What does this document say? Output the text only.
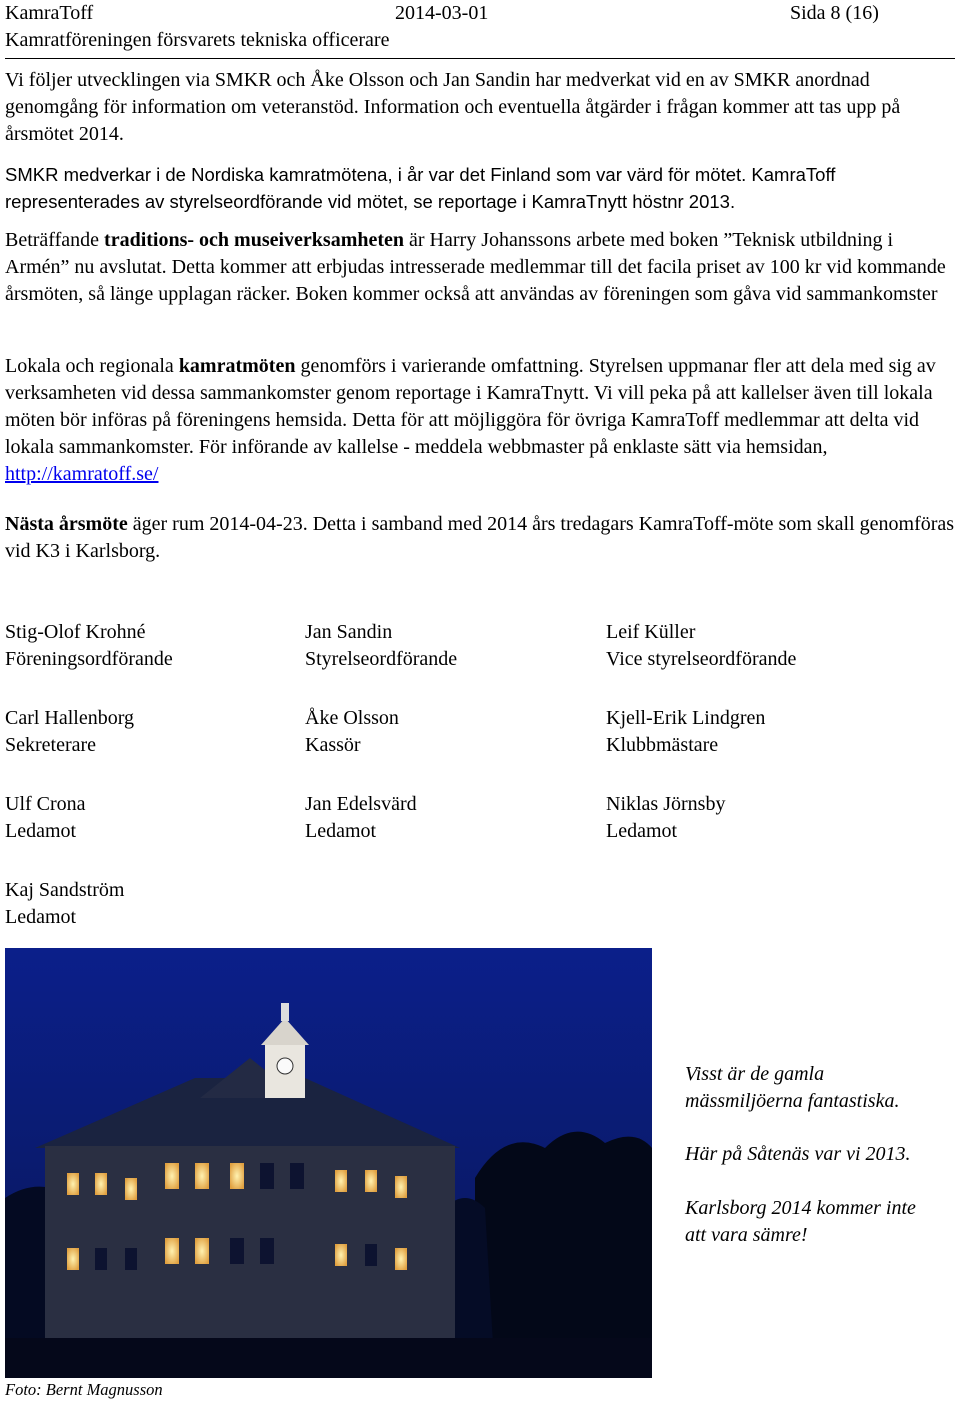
KamraToff	2014-03-01	Sida 8 (16)
Kamratföreningen försvarets tekniska officerare

Vi följer utvecklingen via SMKR och Åke Olsson och Jan Sandin har medverkat vid en av SMKR anordnad genomgång för information om veteranstöd. Information och eventuella åtgärder i frågan kommer att tas upp på årsmötet 2014.

SMKR medverkar i de Nordiska kamratmötena, i år var det Finland som var värd för mötet. KamraToff representerades av styrelseordförande vid mötet, se reportage i KamraTnytt höstnr 2013.

Beträffande traditions- och museiverksamheten är Harry Johanssons arbete med boken ”Teknisk utbildning i Armén” nu avslutat. Detta kommer att erbjudas intresserade medlemmar till det facila priset av 100 kr vid kommande årsmöten, så länge upplagan räcker. Boken kommer också att användas av föreningen som gåva vid sammankomster

Lokala och regionala kamratmöten genomförs i varierande omfattning. Styrelsen uppmanar fler att dela med sig av verksamheten vid dessa sammankomster genom reportage i KamraTnytt. Vi vill peka på att kallelser även till lokala möten bör införas på föreningens hemsida. Detta för att möjliggöra för övriga KamraToff medlemmar att delta vid lokala sammankomster. För införande av kallelse - meddela webbmaster på enklaste sätt via hemsidan, http://kamratoff.se/

Nästa årsmöte äger rum 2014-04-23. Detta i samband med 2014 års tredagars KamraToff-möte som skall genomföras vid K3 i Karlsborg.

Stig-Olof Krohné
Föreningsordförande
Jan Sandin
Styrelseordförande
Leif Küller
Vice styrelseordförande
Carl Hallenborg
Sekreterare
Åke Olsson
Kassör
Kjell-Erik Lindgren
Klubbmästare
Ulf Crona
Ledamot
Jan Edelsvärd
Ledamot
Niklas Jörnsby
Ledamot
Kaj Sandström
Ledamot
Visst är de gamla
mässmiljöerna fantastiska.
Här på Såtenäs var vi 2013.
Karlsborg 2014 kommer inte
att vara sämre!
Foto: Bernt Magnusson
